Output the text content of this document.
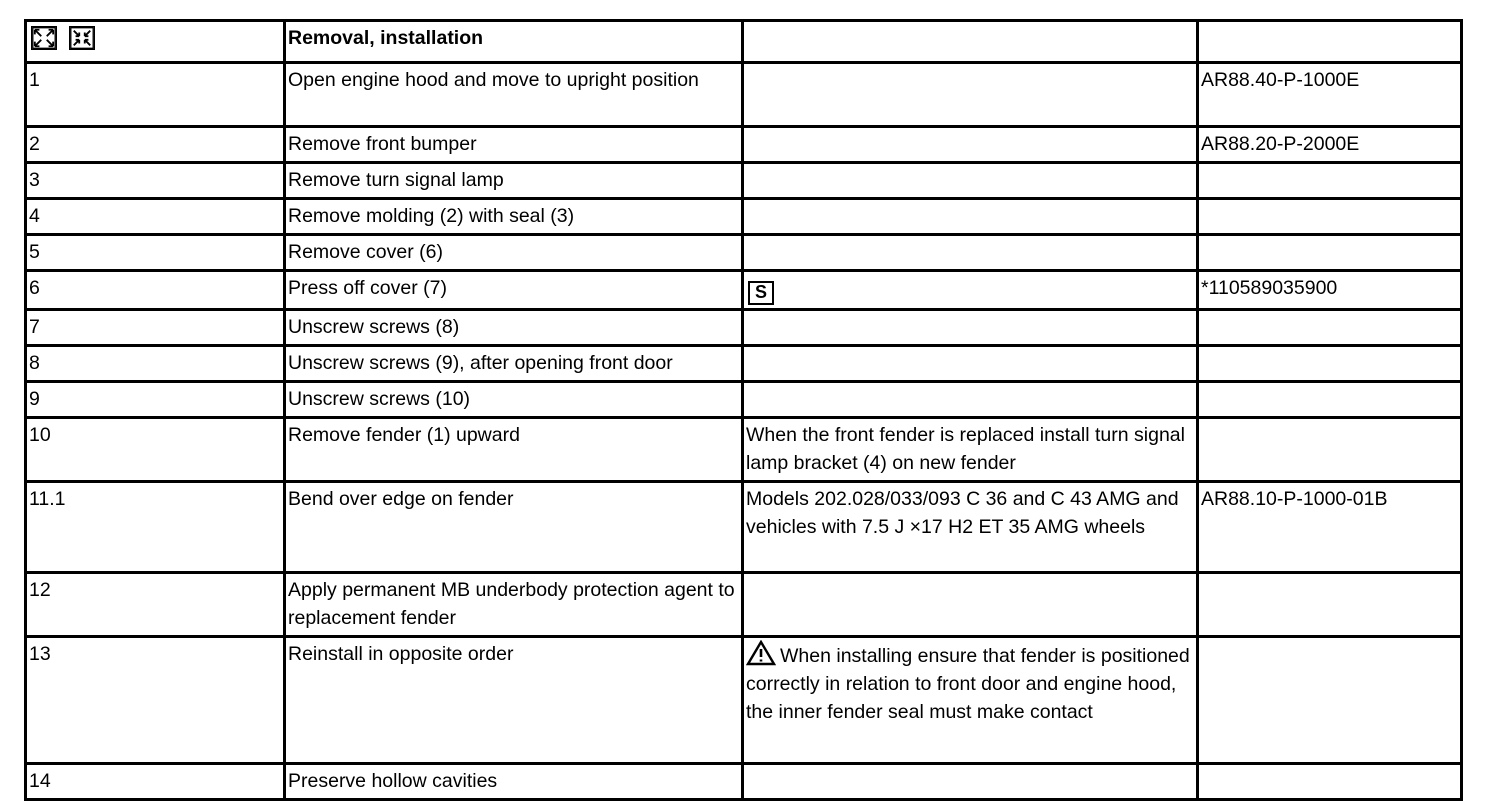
	Removal, installation		
1	Open engine hood and move to upright position		AR88.40-P-1000E
2	Remove front bumper		AR88.20-P-2000E
3	Remove turn signal lamp		
4	Remove molding (2) with seal (3)		
5	Remove cover (6)		
6	Press off cover (7)	S	*110589035900
7	Unscrew screws (8)		
8	Unscrew screws (9), after opening front door		
9	Unscrew screws (10)		
10	Remove fender (1) upward	When the front fender is replaced install turn signal lamp bracket (4) on new fender	
11.1	Bend over edge on fender	Models 202.028/033/093 C 36 and C 43 AMG and vehicles with 7.5 J ×17 H2 ET 35 AMG wheels	AR88.10-P-1000-01B
12	Apply permanent MB underbody protection agent to replacement fender		
13	Reinstall in opposite order	When installing ensure that fender is positioned correctly in relation to front door and engine hood, the inner fender seal must make contact	
14	Preserve hollow cavities		
